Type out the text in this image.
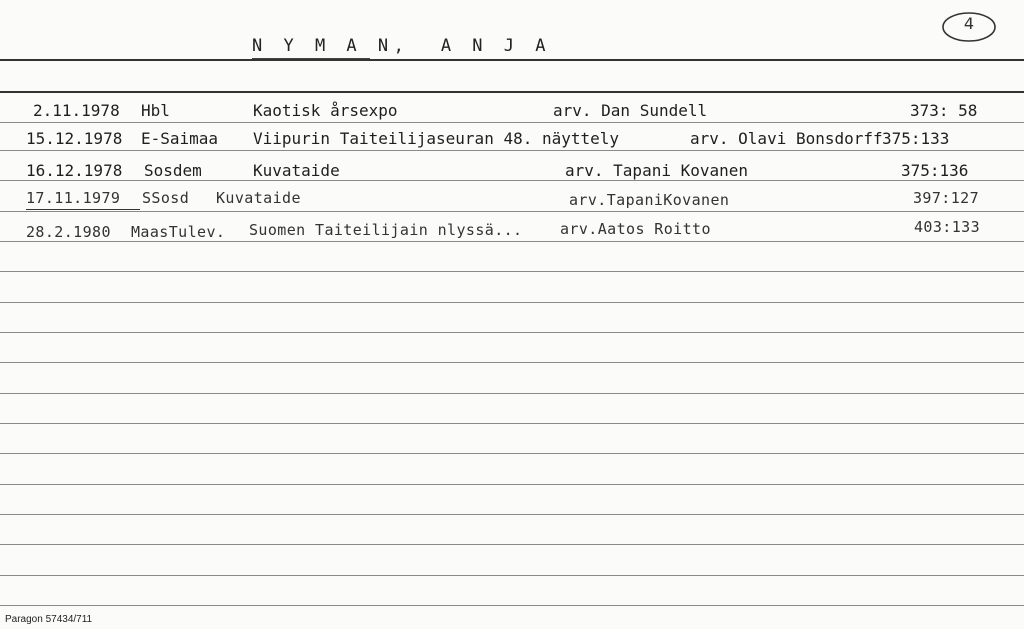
N Y M A N,  A N J A
4
2.11.1978 Hbl	Kaotisk årsexpo	arv. Dan Sundell	373: 58
15.12.1978 E-Saimaa Viipurin Taiteilijaseuran 48. näyttely	arv. Olavi Bonsdorff 375:133
16.12.1978 Sosdem	Kuvataide	arv. Tapani Kovanen	375:136
17.11.1979 SSosd Kuvataide	arv.TapaniKovanen	397:127
28.2.1980 MaasTulev. Suomen Taiteilijain nlyssä...	arv.Aatos Roitto	403:133
Paragon 57434/711
